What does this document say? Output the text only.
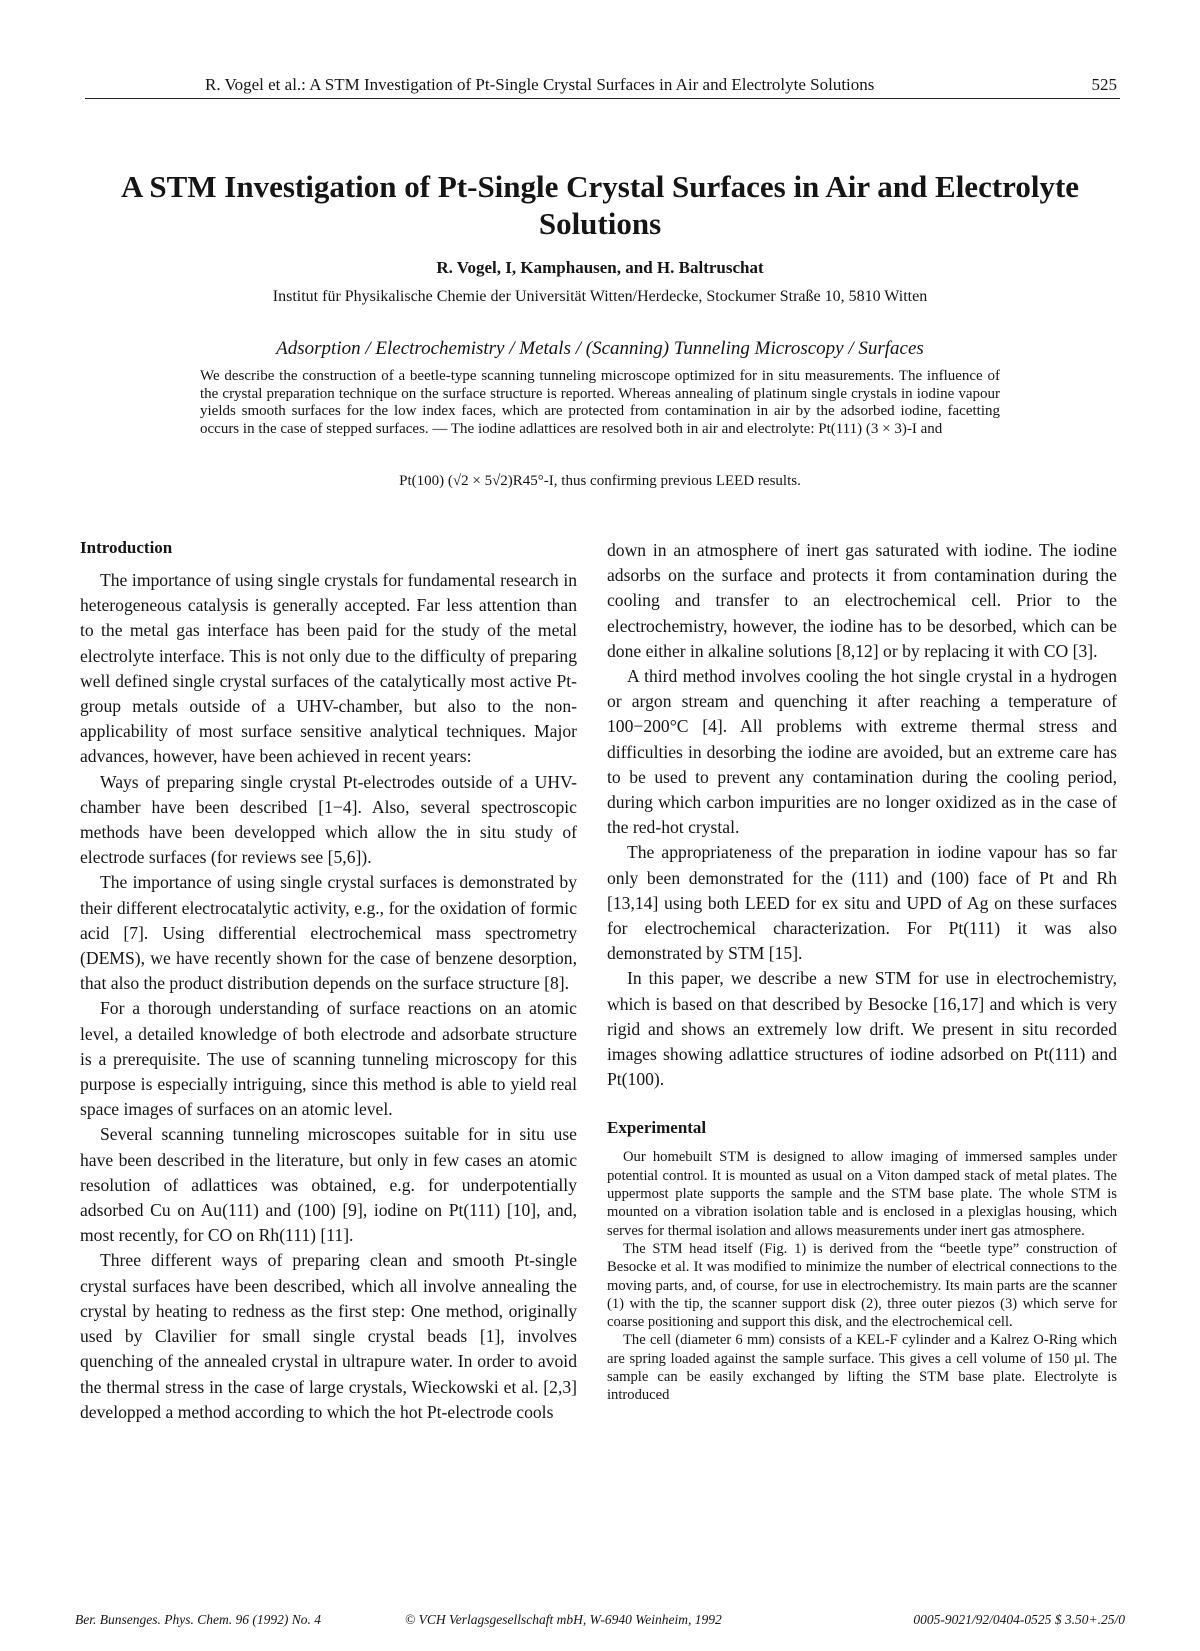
R. Vogel et al.: A STM Investigation of Pt-Single Crystal Surfaces in Air and Electrolyte Solutions	525
A STM Investigation of Pt-Single Crystal Surfaces in Air and Electrolyte Solutions
R. Vogel, I, Kamphausen, and H. Baltruschat
Institut für Physikalische Chemie der Universität Witten/Herdecke, Stockumer Straße 10, 5810 Witten
Adsorption / Electrochemistry / Metals / (Scanning) Tunneling Microscopy / Surfaces

We describe the construction of a beetle-type scanning tunneling microscope optimized for in situ measurements. The influence of the crystal preparation technique on the surface structure is reported. Whereas annealing of platinum single crystals in iodine vapour yields smooth surfaces for the low index faces, which are protected from contamination in air by the adsorbed iodine, facetting occurs in the case of stepped surfaces. — The iodine adlattices are resolved both in air and electrolyte: Pt(111) (3 × 3)-I and

Pt(100) (√2 × 5√2)R45°-I, thus confirming previous LEED results.
Introduction

The importance of using single crystals for fundamental research in heterogeneous catalysis is generally accepted. Far less attention than to the metal gas interface has been paid for the study of the metal electrolyte interface. This is not only due to the difficulty of preparing well defined single crystal surfaces of the catalytically most active Pt-group metals outside of a UHV-chamber, but also to the non-applicability of most surface sensitive analytical techniques. Major advances, however, have been achieved in recent years:

Ways of preparing single crystal Pt-electrodes outside of a UHV-chamber have been described [1−4]. Also, several spectroscopic methods have been developped which allow the in situ study of electrode surfaces (for reviews see [5,6]).

The importance of using single crystal surfaces is demonstrated by their different electrocatalytic activity, e.g., for the oxidation of formic acid [7]. Using differential electrochemical mass spectrometry (DEMS), we have recently shown for the case of benzene desorption, that also the product distribution depends on the surface structure [8].

For a thorough understanding of surface reactions on an atomic level, a detailed knowledge of both electrode and adsorbate structure is a prerequisite. The use of scanning tunneling microscopy for this purpose is especially intriguing, since this method is able to yield real space images of surfaces on an atomic level.

Several scanning tunneling microscopes suitable for in situ use have been described in the literature, but only in few cases an atomic resolution of adlattices was obtained, e.g. for underpotentially adsorbed Cu on Au(111) and (100) [9], iodine on Pt(111) [10], and, most recently, for CO on Rh(111) [11].

Three different ways of preparing clean and smooth Pt-single crystal surfaces have been described, which all involve annealing the crystal by heating to redness as the first step: One method, originally used by Clavilier for small single crystal beads [1], involves quenching of the annealed crystal in ultrapure water. In order to avoid the thermal stress in the case of large crystals, Wieckowski et al. [2,3] developped a method according to which the hot Pt-electrode cools

down in an atmosphere of inert gas saturated with iodine. The iodine adsorbs on the surface and protects it from contamination during the cooling and transfer to an electrochemical cell. Prior to the electrochemistry, however, the iodine has to be desorbed, which can be done either in alkaline solutions [8,12] or by replacing it with CO [3].

A third method involves cooling the hot single crystal in a hydrogen or argon stream and quenching it after reaching a temperature of 100−200°C [4]. All problems with extreme thermal stress and difficulties in desorbing the iodine are avoided, but an extreme care has to be used to prevent any contamination during the cooling period, during which carbon impurities are no longer oxidized as in the case of the red-hot crystal.

The appropriateness of the preparation in iodine vapour has so far only been demonstrated for the (111) and (100) face of Pt and Rh [13,14] using both LEED for ex situ and UPD of Ag on these surfaces for electrochemical characterization. For Pt(111) it was also demonstrated by STM [15].

In this paper, we describe a new STM for use in electrochemistry, which is based on that described by Besocke [16,17] and which is very rigid and shows an extremely low drift. We present in situ recorded images showing adlattice structures of iodine adsorbed on Pt(111) and Pt(100).

Experimental

Our homebuilt STM is designed to allow imaging of immersed samples under potential control. It is mounted as usual on a Viton damped stack of metal plates. The uppermost plate supports the sample and the STM base plate. The whole STM is mounted on a vibration isolation table and is enclosed in a plexiglas housing, which serves for thermal isolation and allows measurements under inert gas atmosphere.

The STM head itself (Fig. 1) is derived from the “beetle type” construction of Besocke et al. It was modified to minimize the number of electrical connections to the moving parts, and, of course, for use in electrochemistry. Its main parts are the scanner (1) with the tip, the scanner support disk (2), three outer piezos (3) which serve for coarse positioning and support this disk, and the electrochemical cell.

The cell (diameter 6 mm) consists of a KEL-F cylinder and a Kalrez O-Ring which are spring loaded against the sample surface. This gives a cell volume of 150 µl. The sample can be easily exchanged by lifting the STM base plate. Electrolyte is introduced

Ber. Bunsenges. Phys. Chem. 96 (1992) No. 4	© VCH Verlagsgesellschaft mbH, W-6940 Weinheim, 1992	0005-9021/92/0404-0525 $ 3.50+.25/0
